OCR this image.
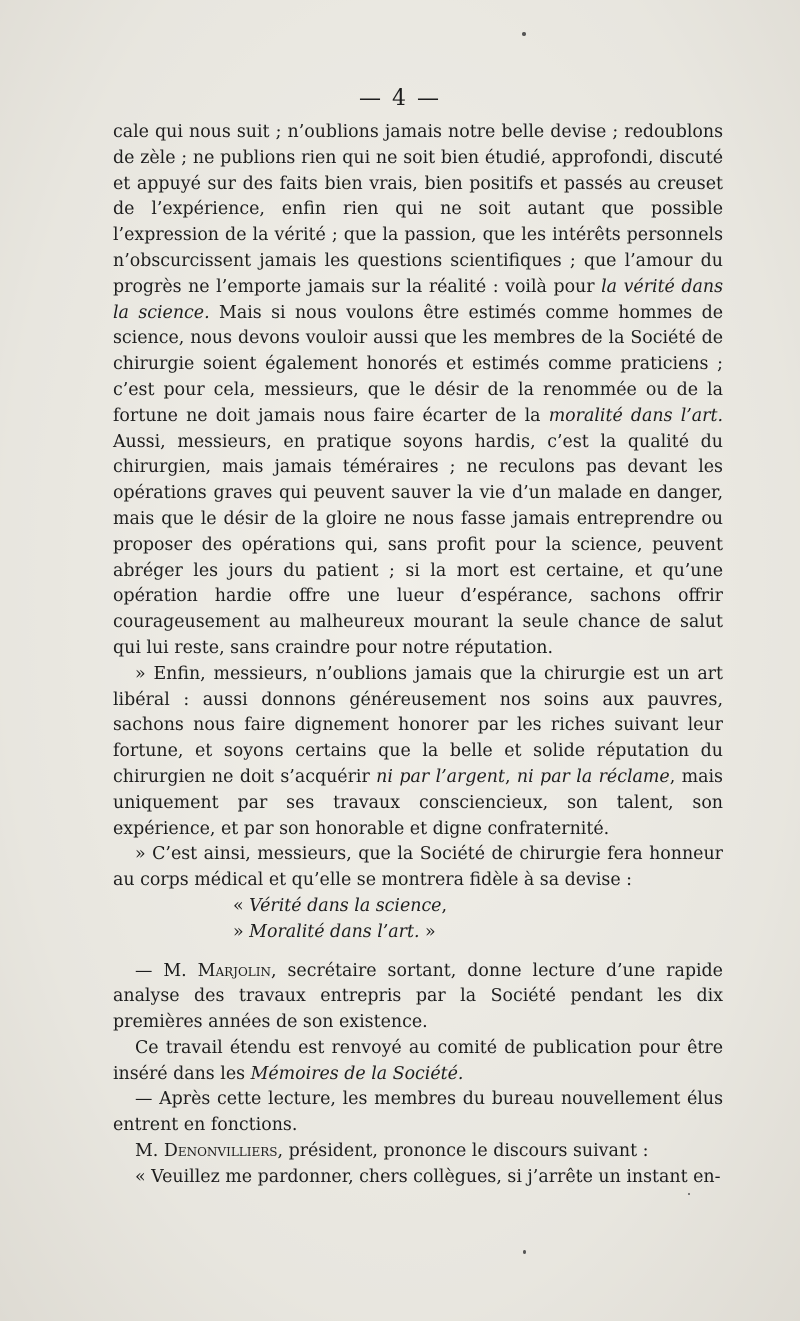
— 4 —

cale qui nous suit ; n’oublions jamais notre belle devise ; redoublons de zèle ; ne publions rien qui ne soit bien étudié, approfondi, discuté et appuyé sur des faits bien vrais, bien positifs et passés au creuset de l’expérience, enfin rien qui ne soit autant que possible l’expression de la vérité ; que la passion, que les intérêts personnels n’obscurcissent jamais les questions scientifiques ; que l’amour du progrès ne l’emporte jamais sur la réalité : voilà pour la vérité dans la science. Mais si nous voulons être estimés comme hommes de science, nous devons vouloir aussi que les membres de la Société de chirurgie soient également honorés et estimés comme praticiens ; c’est pour cela, messieurs, que le désir de la renommée ou de la fortune ne doit jamais nous faire écarter de la moralité dans l’art. Aussi, messieurs, en pratique soyons hardis, c’est la qualité du chirurgien, mais jamais téméraires ; ne reculons pas devant les opérations graves qui peuvent sauver la vie d’un malade en danger, mais que le désir de la gloire ne nous fasse jamais entreprendre ou proposer des opérations qui, sans profit pour la science, peuvent abréger les jours du patient ; si la mort est certaine, et qu’une opération hardie offre une lueur d’espérance, sachons offrir courageusement au malheureux mourant la seule chance de salut qui lui reste, sans craindre pour notre réputation.

» Enfin, messieurs, n’oublions jamais que la chirurgie est un art libéral : aussi donnons généreusement nos soins aux pauvres, sachons nous faire dignement honorer par les riches suivant leur fortune, et soyons certains que la belle et solide réputation du chirurgien ne doit s’acquérir ni par l’argent, ni par la réclame, mais uniquement par ses travaux consciencieux, son talent, son expérience, et par son honorable et digne confraternité.

» C’est ainsi, messieurs, que la Société de chirurgie fera honneur au corps médical et qu’elle se montrera fidèle à sa devise :

« Vérité dans la science,
» Moralité dans l’art. »

— M. Marjolin, secrétaire sortant, donne lecture d’une rapide analyse des travaux entrepris par la Société pendant les dix premières années de son existence.

Ce travail étendu est renvoyé au comité de publication pour être inséré dans les Mémoires de la Société.

— Après cette lecture, les membres du bureau nouvellement élus entrent en fonctions.

M. Denonvilliers, président, prononce le discours suivant :

« Veuillez me pardonner, chers collègues, si j’arrête un instant en-
